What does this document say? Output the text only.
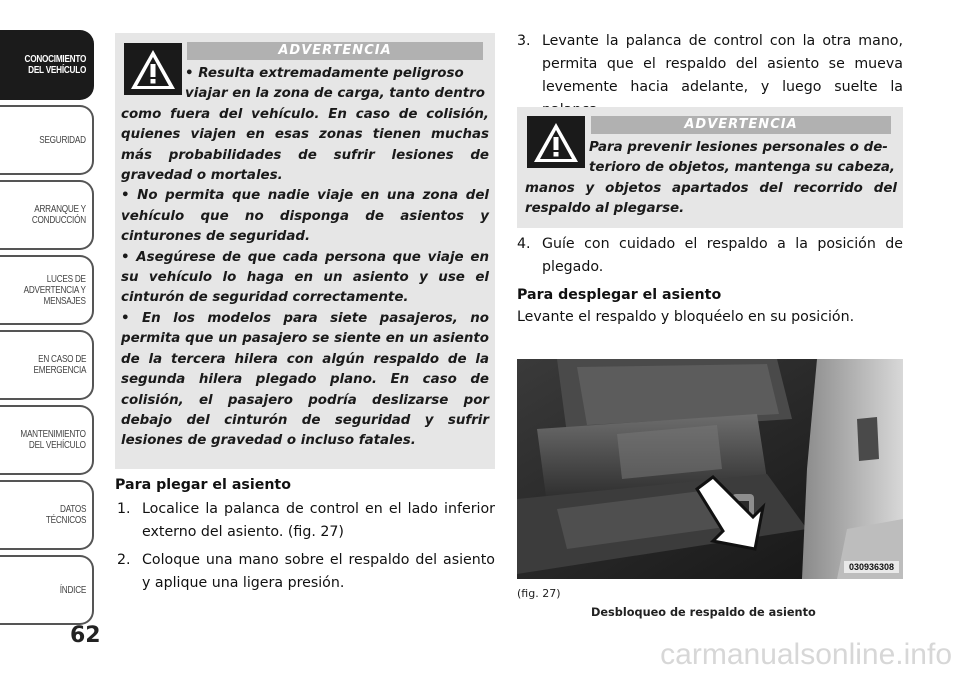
CONOCIMIENTO
DEL VEHÍCULO
SEGURIDAD
ARRANQUE Y
CONDUCCIÓN
LUCES DE
ADVERTENCIA Y
MENSAJES
EN CASO DE
EMERGENCIA
MANTENIMIENTO
DEL VEHÍCULO
DATOS
TÉCNICOS
ÍNDICE
62
ADVERTENCIA

• Resulta extremadamente peligroso

viajar en la zona de carga, tanto dentro

como fuera del vehículo. En caso de colisión, quienes viajen en esas zonas tienen muchas más probabilidades de sufrir lesiones de gravedad o mortales.

• No permita que nadie viaje en una zona del vehículo que no disponga de asientos y cinturones de seguridad.

• Asegúrese de que cada persona que viaje en su vehículo lo haga en un asiento y use el cinturón de seguridad correctamente.

• En los modelos para siete pasajeros, no permita que un pasajero se siente en un asiento de la tercera hilera con algún respaldo de la segunda hilera plegado plano. En caso de colisión, el pasajero podría deslizarse por debajo del cinturón de seguridad y sufrir lesiones de gravedad o incluso fatales.

Para plegar el asiento
1. Localice la palanca de control en el lado inferior externo del asiento. (fig. 27)
2. Coloque una mano sobre el respaldo del asiento y aplique una ligera presión.
3. Levante la palanca de control con la otra mano, permita que el respaldo del asiento se mueva levemente hacia adelante, y luego suelte la
ADVERTENCIA

Para prevenir lesiones personales o de-

terioro de objetos, mantenga su cabeza,

manos y objetos apartados del recorrido del respaldo al plegarse.

4. Guíe con cuidado el respaldo a la posición de plegado.
Para desplegar el asiento
Levante el respaldo y bloquéelo en su posición.
030936308
(fig. 27)
Desbloqueo de respaldo de asiento
carmanualsonline.info
